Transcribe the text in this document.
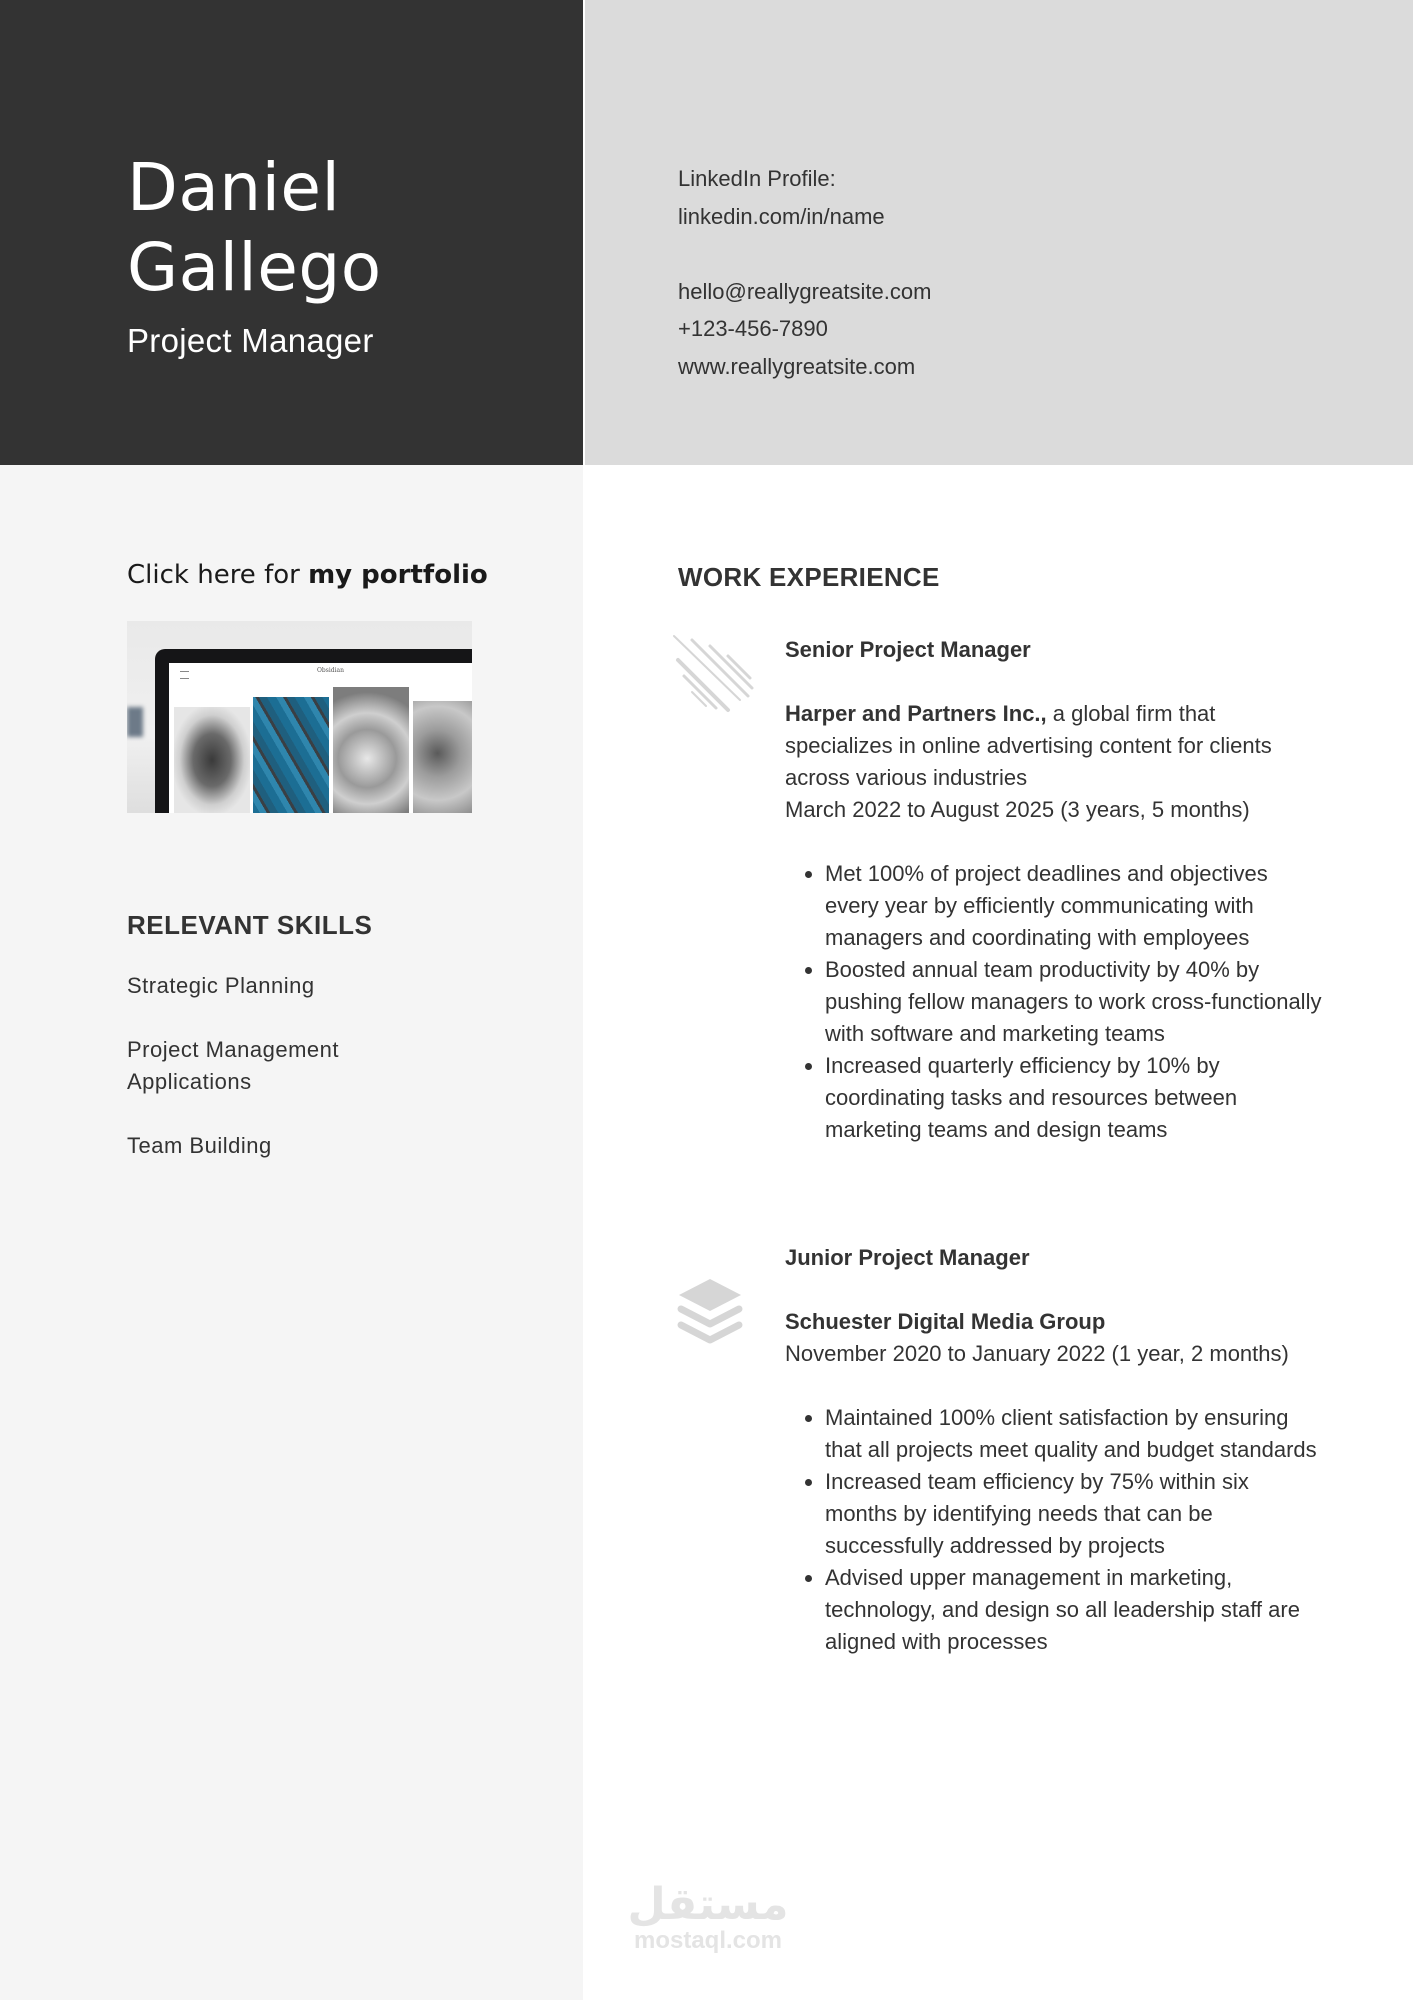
Daniel
Gallego
Project Manager
LinkedIn Profile:
linkedin.com/in/name
hello@reallygreatsite.com
+123-456-7890
www.reallygreatsite.com
Click here for my portfolio
Obsidian
RELEVANT SKILLS
Strategic Planning
Project Management Applications
Team Building
WORK EXPERIENCE
Senior Project Manager
Harper and Partners Inc., a global firm that specializes in online advertising content for clients across various industries
March 2022 to August 2025 (3 years, 5 months)
• Met 100% of project deadlines and objectives every year by efficiently communicating with managers and coordinating with employees
• Boosted annual team productivity by 40% by pushing fellow managers to work cross-functionally with software and marketing teams
• Increased quarterly efficiency by 10% by coordinating tasks and resources between marketing teams and design teams
Junior Project Manager
Schuester Digital Media Group
November 2020 to January 2022 (1 year, 2 months)
• Maintained 100% client satisfaction by ensuring that all projects meet quality and budget standards
• Increased team efficiency by 75% within six months by identifying needs that can be successfully addressed by projects
• Advised upper management in marketing, technology, and design so all leadership staff are aligned with processes
مستقل
mostaql.com
